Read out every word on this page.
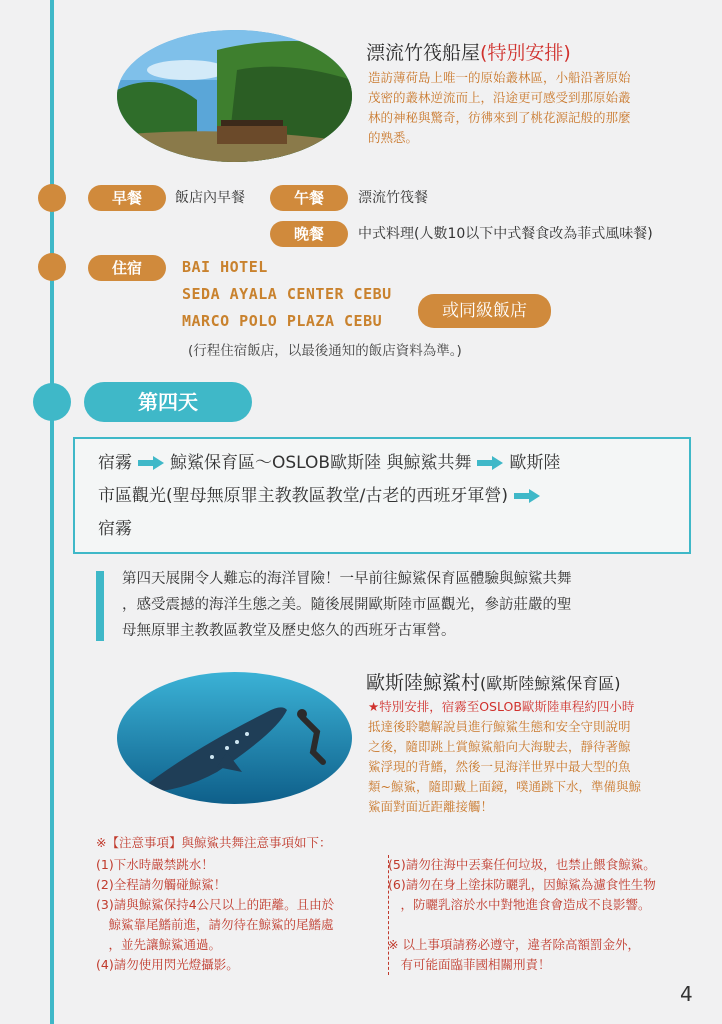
漂流竹筏船屋(特別安排)
造訪薄荷島上唯一的原始叢林區，小船沿著原始
茂密的叢林逆流而上，沿途更可感受到那原始叢
林的神秘與驚奇，彷彿來到了桃花源記般的那麼
的熟悉。
早餐	飯店內早餐	午餐	漂流竹筏餐
晚餐	中式料理(人數10以下中式餐食改為菲式風味餐)
住宿	BAI HOTEL
SEDA AYALA CENTER CEBU
MARCO POLO PLAZA CEBU	或同級飯店
(行程住宿飯店，以最後通知的飯店資料為準。)
第四天
宿霧 鯨鯊保育區～OSLOB歐斯陸 與鯨鯊共舞 歐斯陸
市區觀光(聖母無原罪主教教區教堂/古老的西班牙軍營)
宿霧
第四天展開令人難忘的海洋冒險！一早前往鯨鯊保育區體驗與鯨鯊共舞
，感受震撼的海洋生態之美。隨後展開歐斯陸市區觀光，參訪莊嚴的聖
母無原罪主教教區教堂及歷史悠久的西班牙古軍營。
歐斯陸鯨鯊村(歐斯陸鯨鯊保育區)
★特別安排，宿霧至OSLOB歐斯陸車程約四小時
抵達後聆聽解說員進行鯨鯊生態和安全守則說明
之後，隨即跳上賞鯨鯊船向大海駛去，靜待著鯨
鯊浮現的背鰭，然後一見海洋世界中最大型的魚
類~鯨鯊，隨即戴上面鏡，噗通跳下水，準備與鯨
鯊面對面近距離接觸！
※【注意事項】與鯨鯊共舞注意事項如下：
(1)下水時嚴禁跳水！
(2)全程請勿觸碰鯨鯊！
(3)請與鯨鯊保持4公尺以上的距離。且由於
　鯨鯊靠尾鰭前進，請勿待在鯨鯊的尾鰭處
　，並先讓鯨鯊通過。
(4)請勿使用閃光燈攝影。
(5)請勿往海中丟棄任何垃圾，也禁止餵食鯨鯊。
(6)請勿在身上塗抹防曬乳，因鯨鯊為濾食性生物
　，防曬乳溶於水中對牠進食會造成不良影響。
※ 以上事項請務必遵守，違者除高額罰金外，
　有可能面臨菲國相關刑責！
4
